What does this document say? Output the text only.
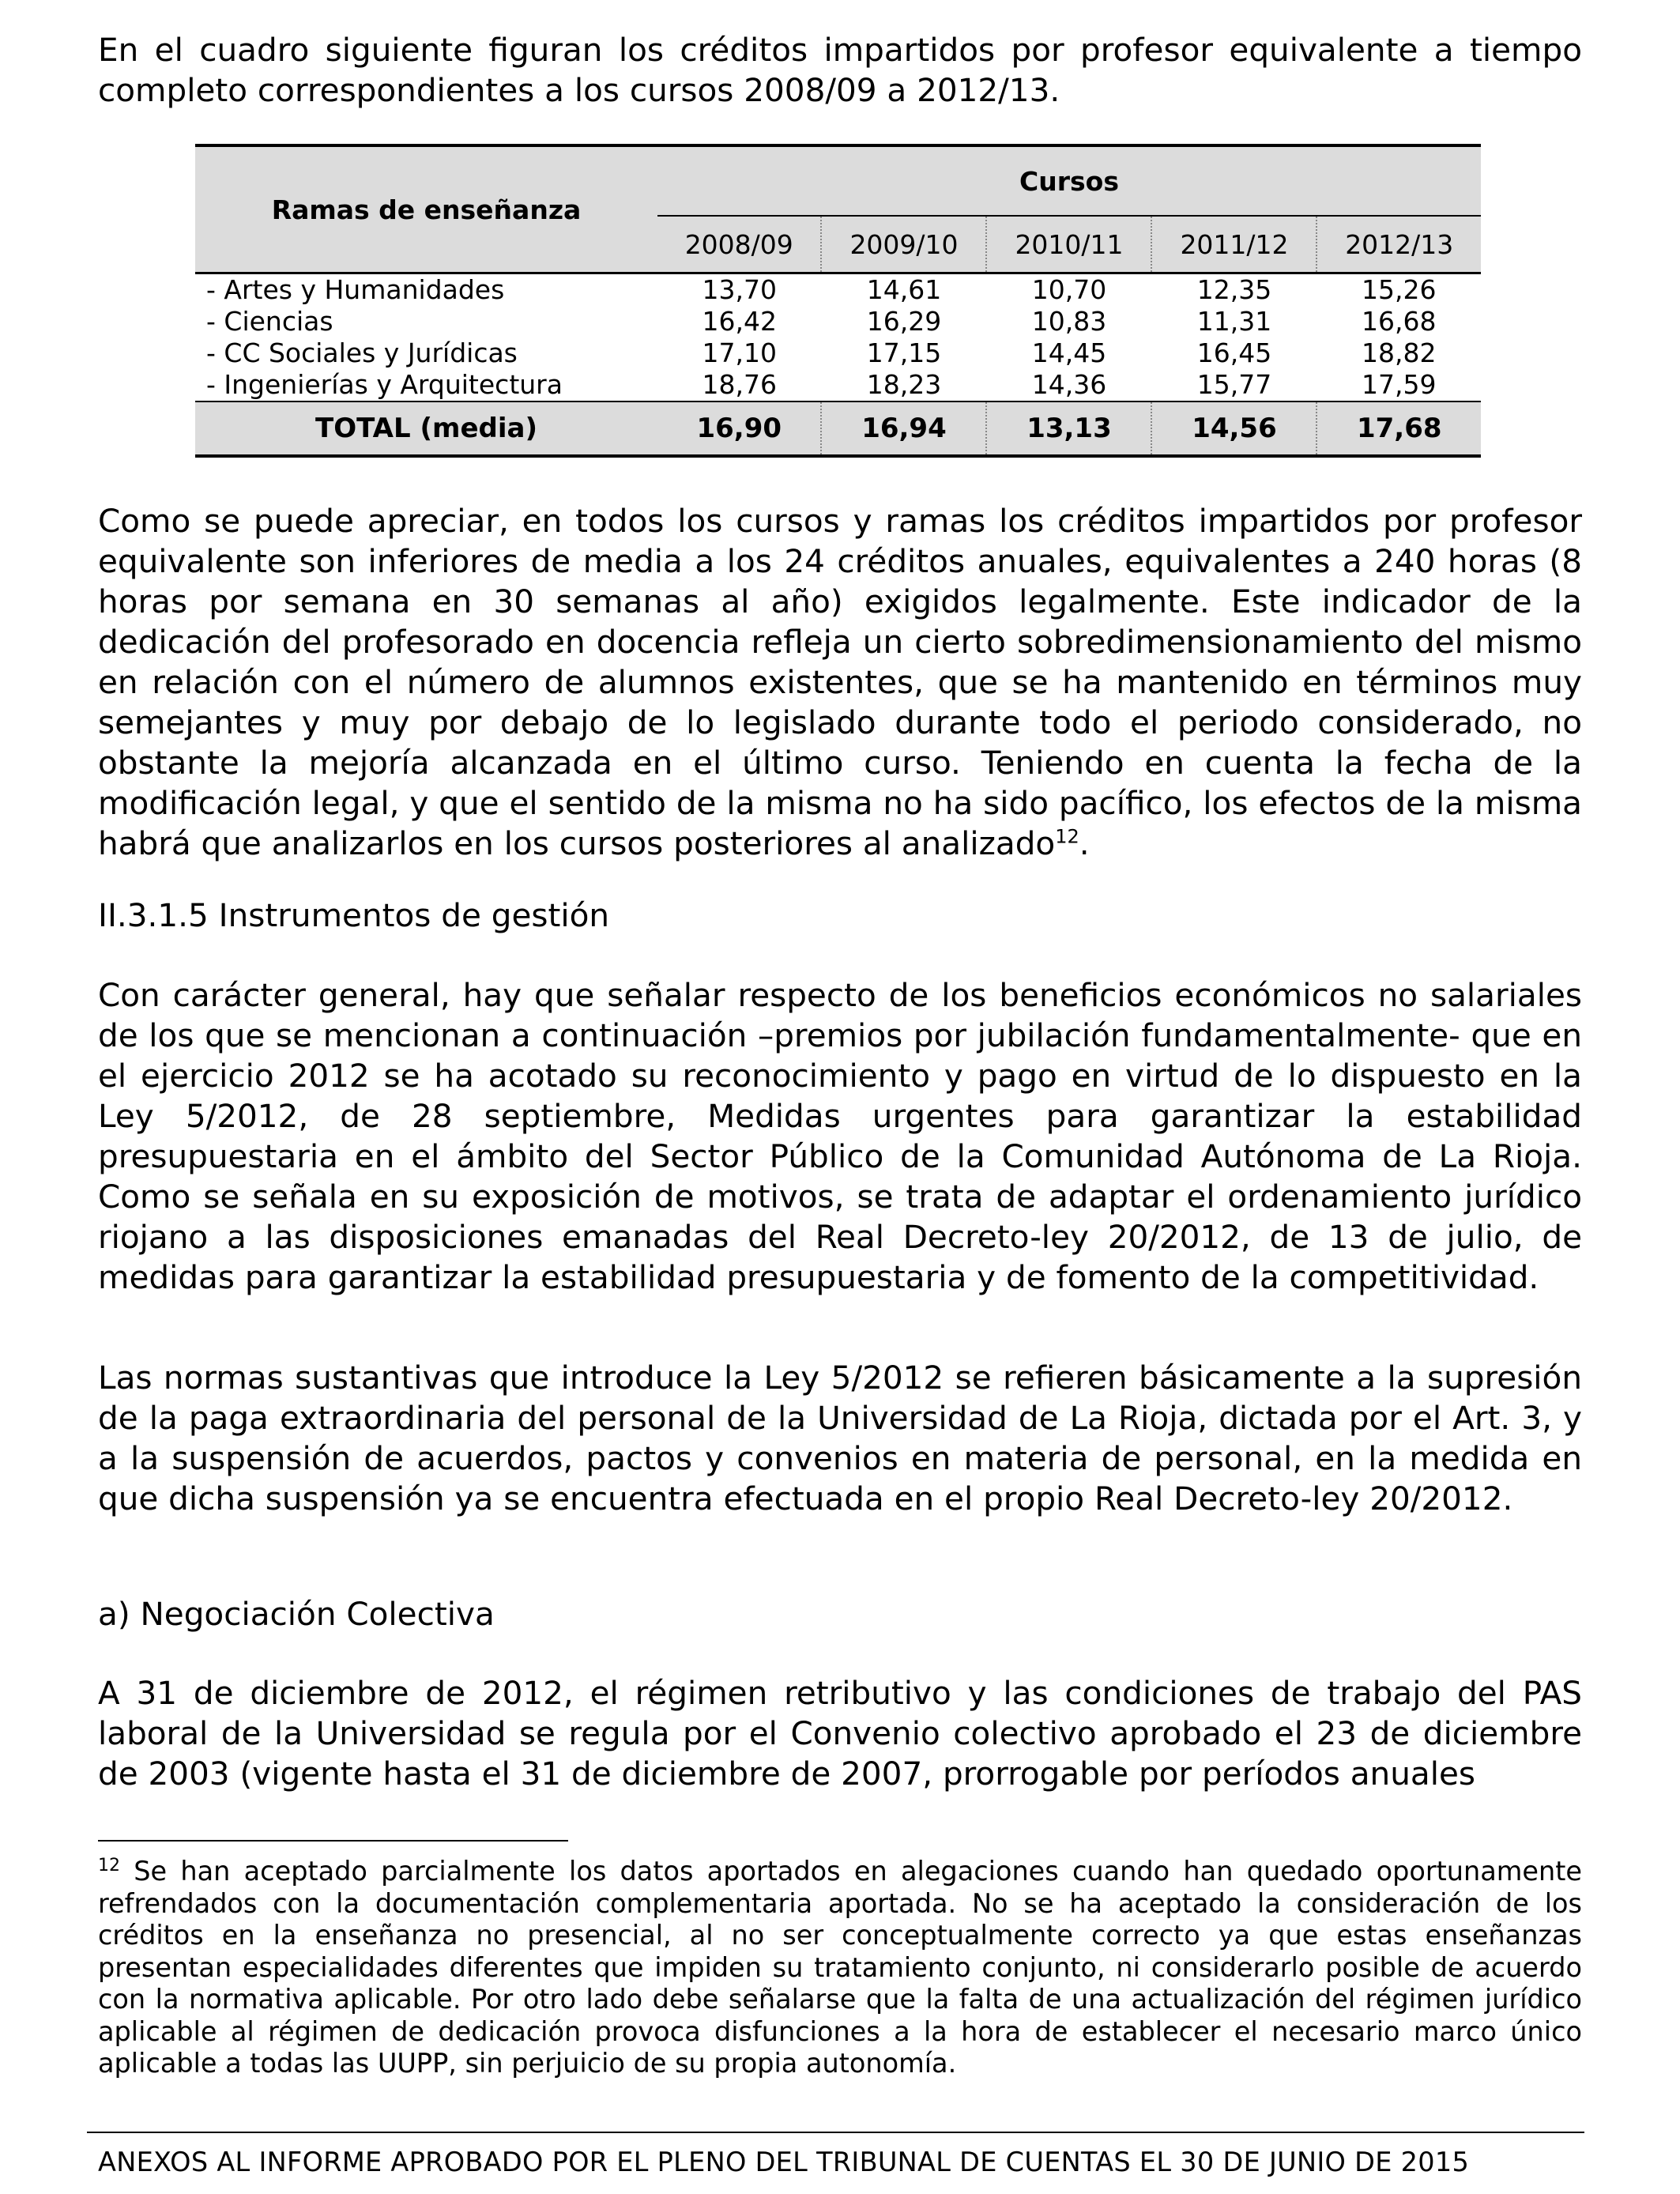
En el cuadro siguiente figuran los créditos impartidos por profesor equivalente a tiempo completo correspondientes a los cursos 2008/09 a 2012/13.

Ramas de enseñanza	Cursos				
	2008/09	2009/10	2010/11	2011/12	2012/13

- Artes y Humanidades	13,70	14,61	10,70	12,35	15,26
- Ciencias	16,42	16,29	10,83	11,31	16,68
- CC Sociales y Jurídicas	17,10	17,15	14,45	16,45	18,82
- Ingenierías y Arquitectura	18,76	18,23	14,36	15,77	17,59

TOTAL (media)	16,90	16,94	13,13	14,56	17,68

Como se puede apreciar, en todos los cursos y ramas los créditos impartidos por profesor equivalente son inferiores de media a los 24 créditos anuales, equivalentes a 240 horas (8 horas por semana en 30 semanas al año) exigidos legalmente. Este indicador de la dedicación del profesorado en docencia refleja un cierto sobredimensionamiento del mismo en relación con el número de alumnos existentes, que se ha mantenido en términos muy semejantes y muy por debajo de lo legislado durante todo el periodo considerado, no obstante la mejoría alcanzada en el último curso. Teniendo en cuenta la fecha de la modificación legal, y que el sentido de la misma no ha sido pacífico, los efectos de la misma habrá que analizarlos en los cursos posteriores al analizado$^{12}$.

II.3.1.5 Instrumentos de gestión

Con carácter general, hay que señalar respecto de los beneficios económicos no salariales de los que se mencionan a continuación –premios por jubilación fundamentalmente- que en el ejercicio 2012 se ha acotado su reconocimiento y pago en virtud de lo dispuesto en la Ley 5/2012, de 28 septiembre, Medidas urgentes para garantizar la estabilidad presupuestaria en el ámbito del Sector Público de la Comunidad Autónoma de La Rioja. Como se señala en su exposición de motivos, se trata de adaptar el ordenamiento jurídico riojano a las disposiciones emanadas del Real Decreto-ley 20/2012, de 13 de julio, de medidas para garantizar la estabilidad presupuestaria y de fomento de la competitividad.

Las normas sustantivas que introduce la Ley 5/2012 se refieren básicamente a la supresión de la paga extraordinaria del personal de la Universidad de La Rioja, dictada por el Art. 3, y a la suspensión de acuerdos, pactos y convenios en materia de personal, en la medida en que dicha suspensión ya se encuentra efectuada en el propio Real Decreto-ley 20/2012.

a) Negociación Colectiva

A 31 de diciembre de 2012, el régimen retributivo y las condiciones de trabajo del PAS laboral de la Universidad se regula por el Convenio colectivo aprobado el 23 de diciembre de 2003 (vigente hasta el 31 de diciembre de 2007, prorrogable por períodos anuales

$^{12}$ Se han aceptado parcialmente los datos aportados en alegaciones cuando han quedado oportunamente refrendados con la documentación complementaria aportada. No se ha aceptado la consideración de los créditos en la enseñanza no presencial, al no ser conceptualmente correcto ya que estas enseñanzas presentan especialidades diferentes que impiden su tratamiento conjunto, ni considerarlo posible de acuerdo con la normativa aplicable. Por otro lado debe señalarse que la falta de una actualización del régimen jurídico aplicable al régimen de dedicación provoca disfunciones a la hora de establecer el necesario marco único aplicable a todas las UUPP, sin perjuicio de su propia autonomía.

ANEXOS AL INFORME APROBADO POR EL PLENO DEL TRIBUNAL DE CUENTAS EL 30 DE JUNIO DE 2015
